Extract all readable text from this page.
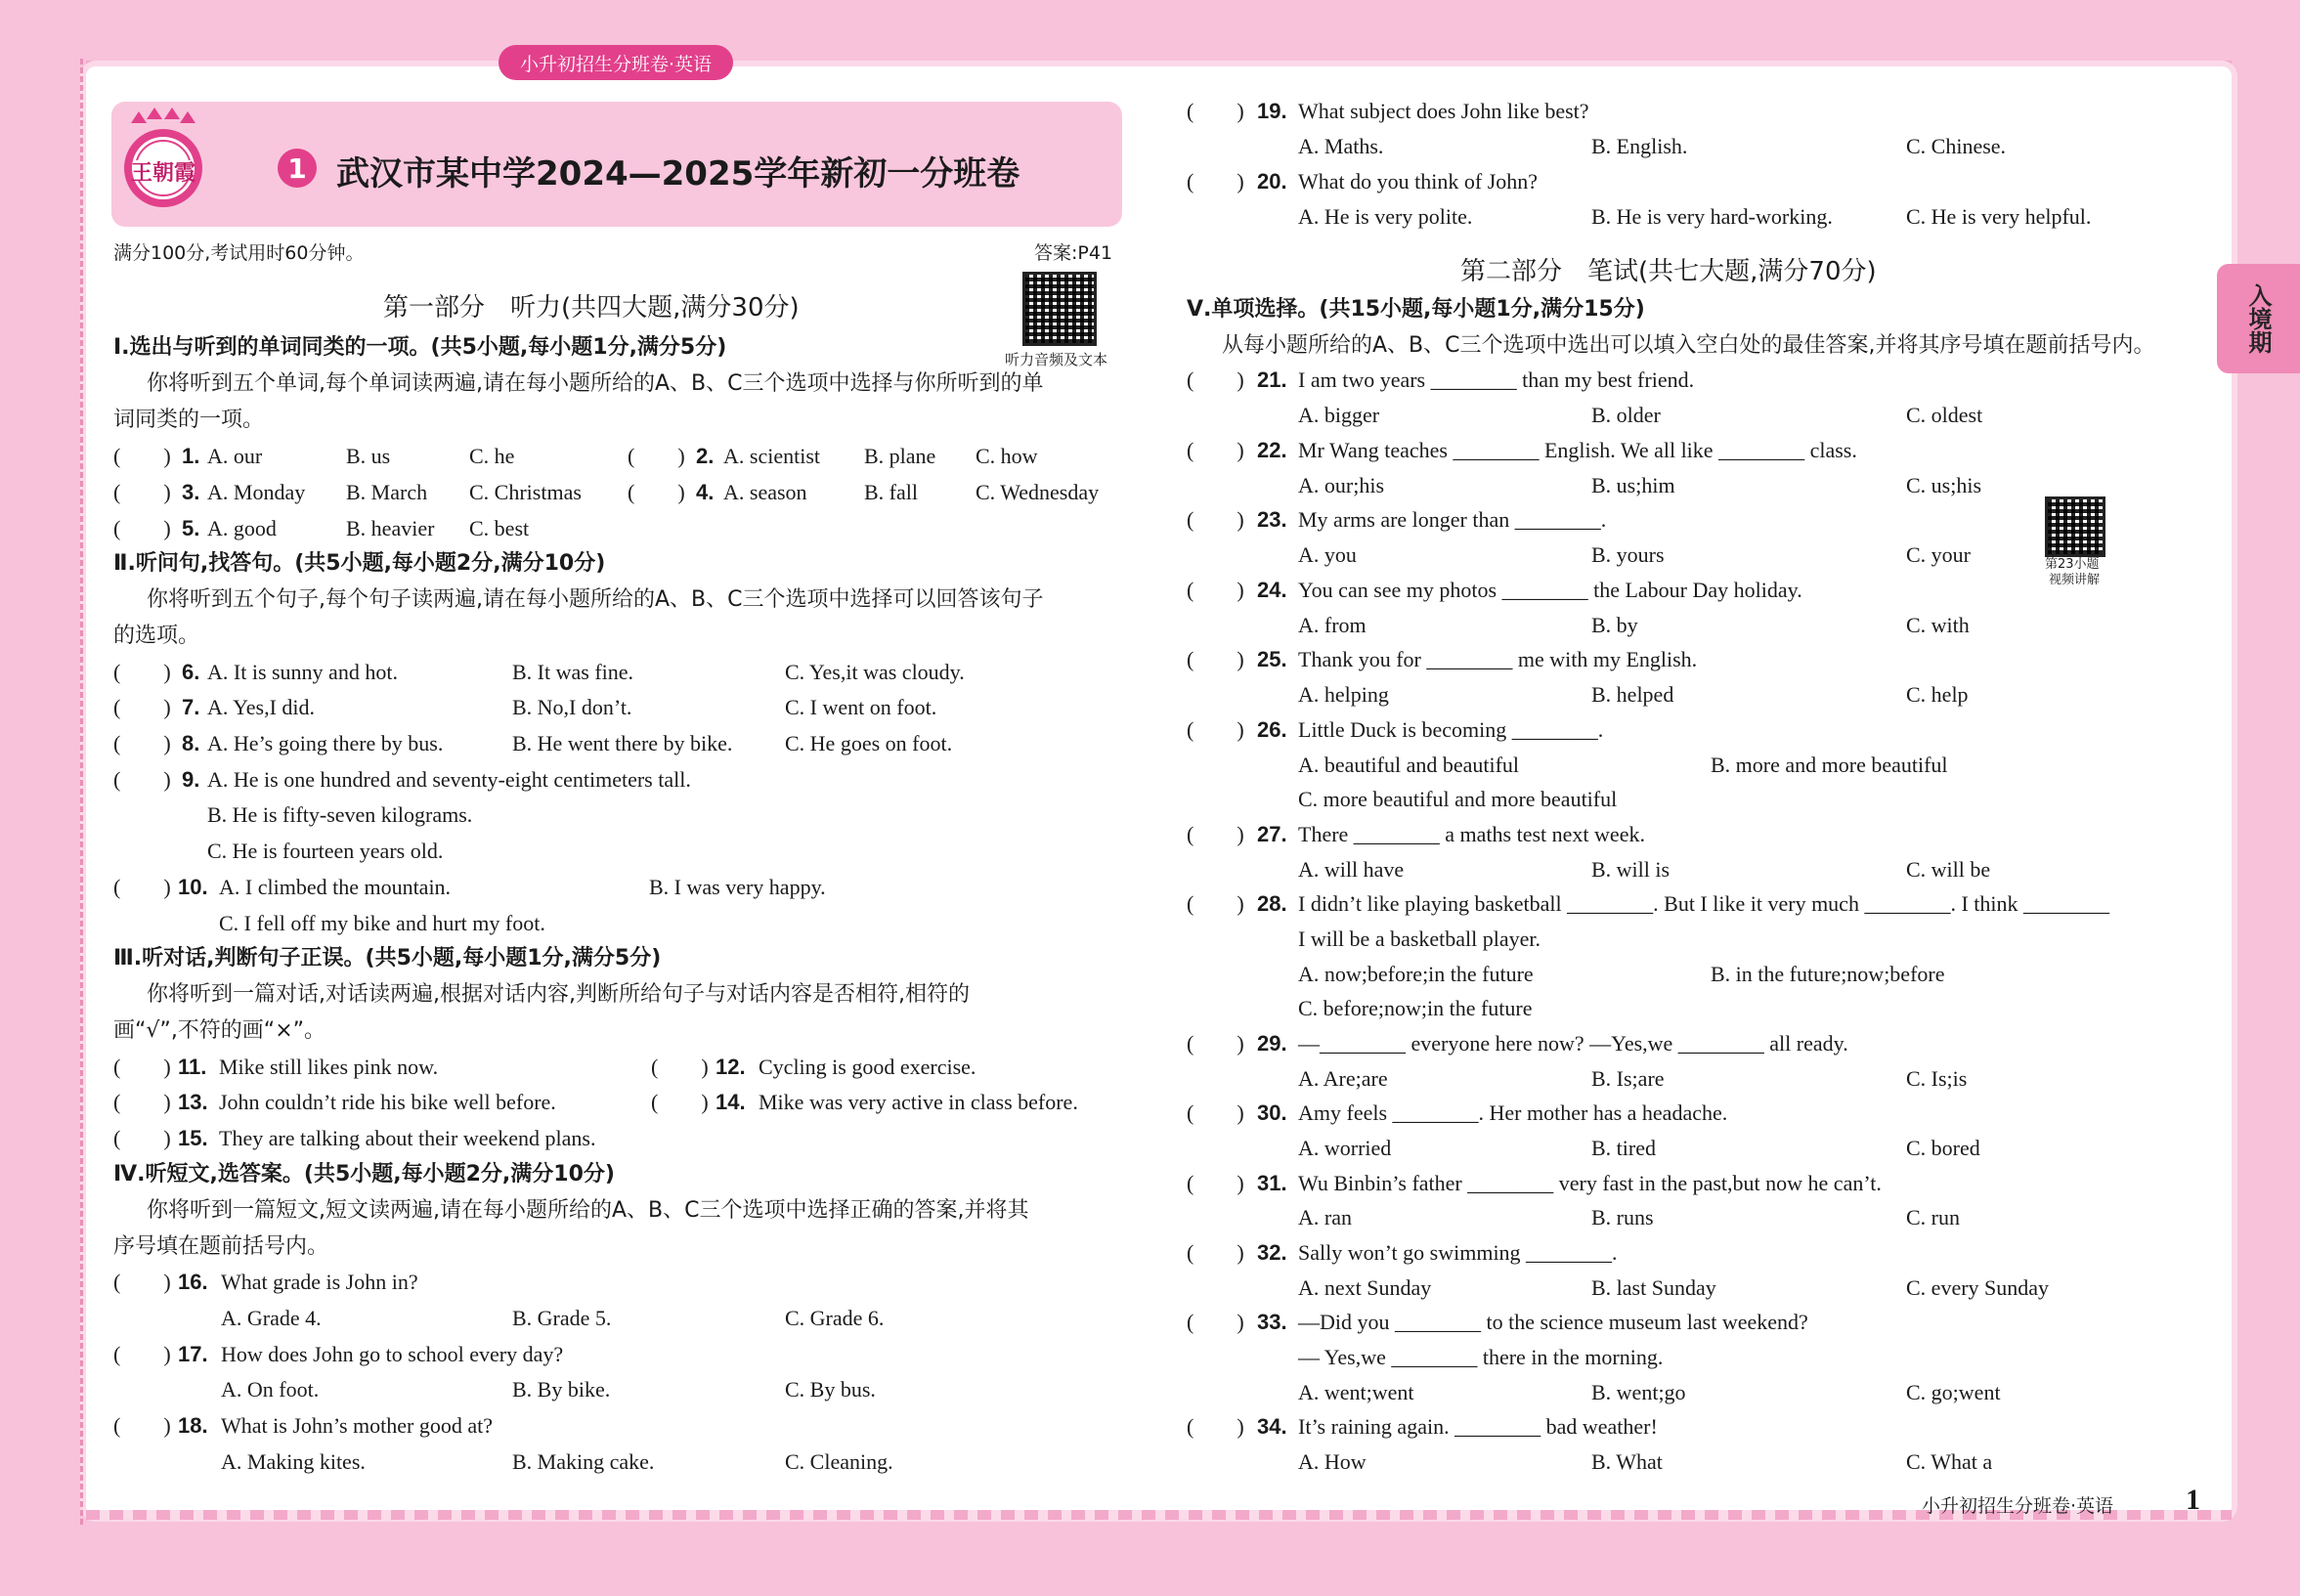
小升初招生分班卷·英语
王朝霞	1 武汉市某中学2024—2025学年新初一分班卷
满分100分,考试用时60分钟。	答案:P41
听力音频及文本
第一部分　听力(共四大题,满分30分)
Ⅰ.选出与听到的单词同类的一项。(共5小题,每小题1分,满分5分)
你将听到五个单词,每个单词读两遍,请在每小题所给的A、B、C三个选项中选择与你所听到的单
词同类的一项。
(　　) 1. A. our	B. us	C. he	(　　) 2. A. scientist B. plane C. how
(　　) 3. A. Monday B. March C. Christmas (　　) 4. A. season	B. fall	C. Wednesday
(　　) 5. A. good	B. heavier C. best
Ⅱ.听问句,找答句。(共5小题,每小题2分,满分10分)
你将听到五个句子,每个句子读两遍,请在每小题所给的A、B、C三个选项中选择可以回答该句子
的选项。
(　　) 6. A. It is sunny and hot.	B. It was fine.	C. Yes,it was cloudy.
(　　) 7. A. Yes,I did.	B. No,I don’t.	C. I went on foot.
(　　) 8. A. He’s going there by bus.	B. He went there by bike. C. He goes on foot.
(　　) 9. A. He is one hundred and seventy-eight centimeters tall.
B. He is fifty-seven kilograms.
C. He is fourteen years old.
(　　) 10. A. I climbed the mountain.	B. I was very happy.
C. I fell off my bike and hurt my foot.
Ⅲ.听对话,判断句子正误。(共5小题,每小题1分,满分5分)
你将听到一篇对话,对话读两遍,根据对话内容,判断所给句子与对话内容是否相符,相符的
画“√”,不符的画“×”。
(　　) 11. Mike still likes pink now.	(　　) 12. Cycling is good exercise.
(　　) 13. John couldn’t ride his bike well before.	(　　) 14. Mike was very active in class before.
(　　) 15. They are talking about their weekend plans.
Ⅳ.听短文,选答案。(共5小题,每小题2分,满分10分)
你将听到一篇短文,短文读两遍,请在每小题所给的A、B、C三个选项中选择正确的答案,并将其
序号填在题前括号内。
(　　) 16. What grade is John in?
A. Grade 4.	B. Grade 5.	C. Grade 6.
(　　) 17. How does John go to school every day?
A. On foot.	B. By bike.	C. By bus.
(　　) 18. What is John’s mother good at?
A. Making kites.	B. Making cake.	C. Cleaning.
(　　) 19. What subject does John like best?
A. Maths.	B. English.	C. Chinese.
(　　) 20. What do you think of John?
A. He is very polite.	B. He is very hard-working.	C. He is very helpful.
第二部分　笔试(共七大题,满分70分)
Ⅴ.单项选择。(共15小题,每小题1分,满分15分)
从每小题所给的A、B、C三个选项中选出可以填入空白处的最佳答案,并将其序号填在题前括号内。
(　　) 21. I am two years ________ than my best friend.
A. bigger	B. older	C. oldest
(　　) 22. Mr Wang teaches ________ English. We all like ________ class.
A. our;his	B. us;him	C. us;his
第23小题
视频讲解
(　　) 23. My arms are longer than ________.
A. you	B. yours	C. your
(　　) 24. You can see my photos ________ the Labour Day holiday.
A. from	B. by	C. with
(　　) 25. Thank you for ________ me with my English.
A. helping	B. helped	C. help
(　　) 26. Little Duck is becoming ________.
A. beautiful and beautiful	B. more and more beautiful
C. more beautiful and more beautiful
(　　) 27. There ________ a maths test next week.
A. will have	B. will is	C. will be
(　　) 28. I didn’t like playing basketball ________. But I like it very much ________. I think ________
I will be a basketball player.
A. now;before;in the future	B. in the future;now;before
C. before;now;in the future
(　　) 29. —________ everyone here now? —Yes,we ________ all ready.
A. Are;are	B. Is;are	C. Is;is
(　　) 30. Amy feels ________. Her mother has a headache.
A. worried	B. tired	C. bored
(　　) 31. Wu Binbin’s father ________ very fast in the past,but now he can’t.
A. ran	B. runs	C. run
(　　) 32. Sally won’t go swimming ________.
A. next Sunday	B. last Sunday	C. every Sunday
(　　) 33. —Did you ________ to the science museum last weekend?
— Yes,we ________ there in the morning.
A. went;went	B. went;go	C. go;went
(　　) 34. It’s raining again. ________ bad weather!
A. How	B. What	C. What a
入境期
小升初招生分班卷·英语 1
